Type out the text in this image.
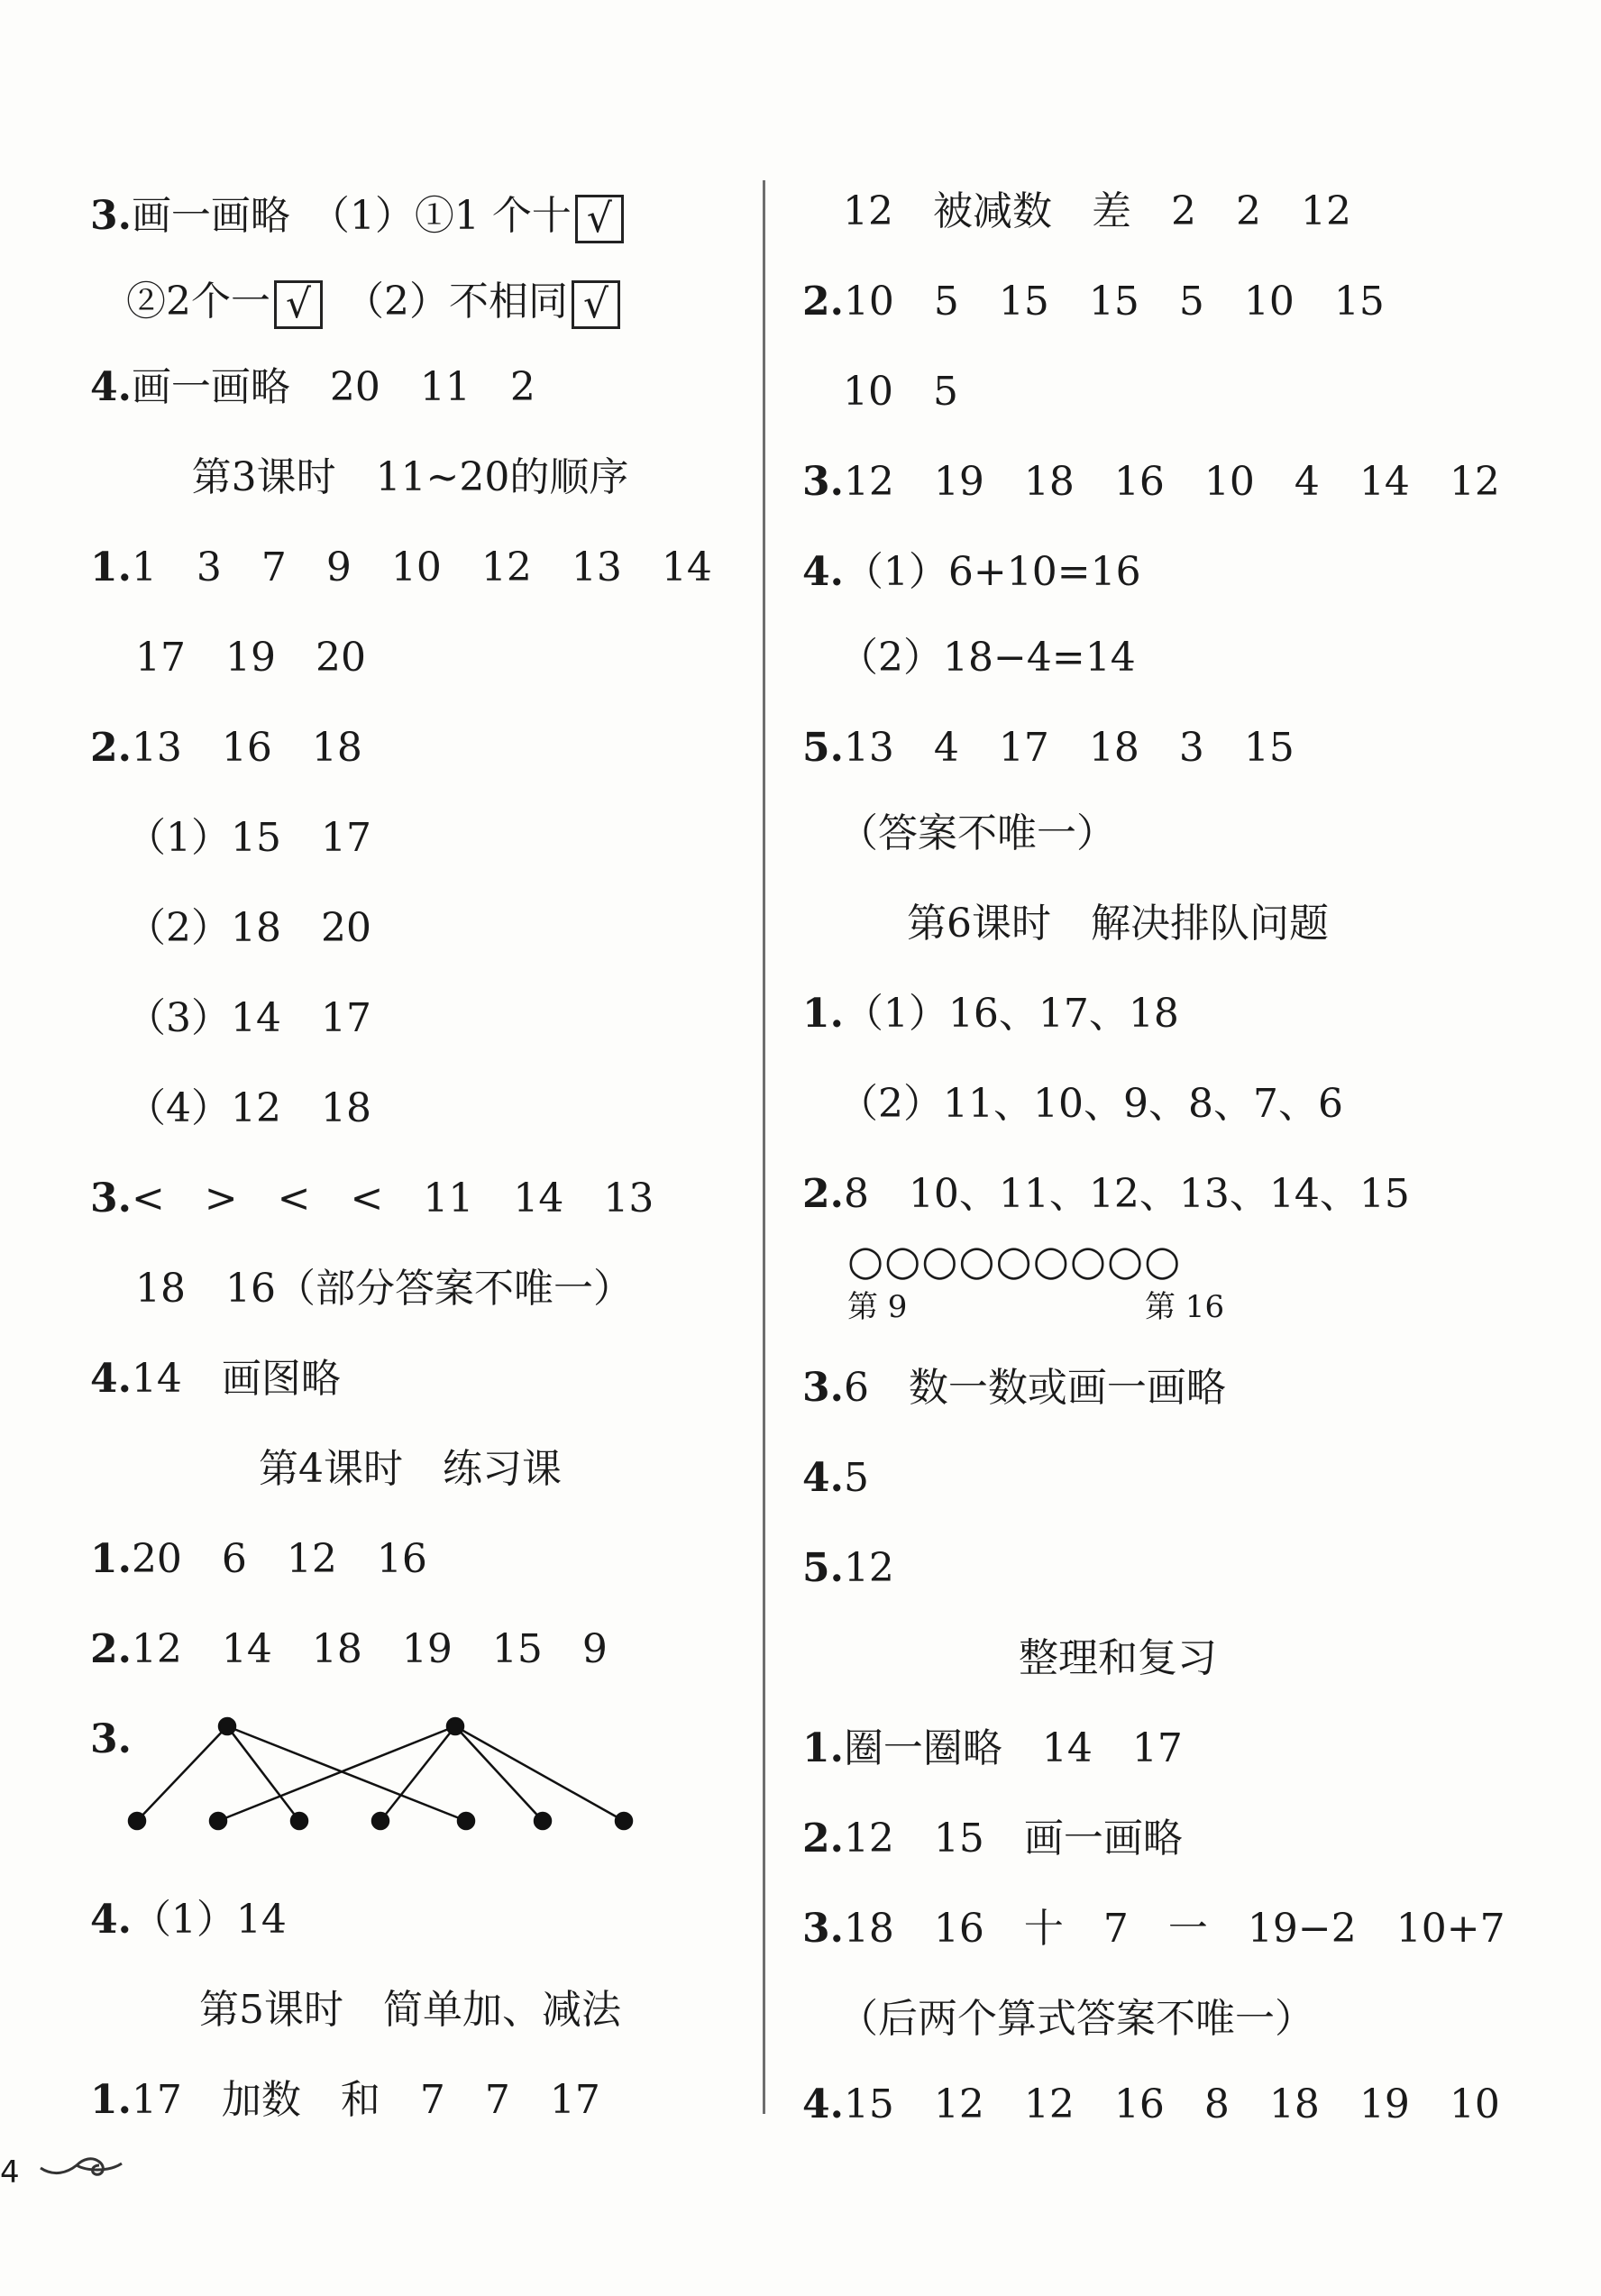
3.画一画略　（1）①1 个十 √
②2个一 √ （2）不相同 √
4.画一画略　20　11　2
第3课时　11~20的顺序
1.1　3　7　9　10　12　13　14
17　19　20
2.13　16　18
（1）15　17
（2）18　20
（3）14　17
（4）12　18
3.<　>　<　<　11　14　13
18　16（部分答案不唯一）
4.14　画图略
第4课时　练习课
1.20　6　12　16
2.12　14　18　19　15　9
3.
4.（1）14
第5课时　简单加、减法
1.17　加数　和　7　7　17
12　被减数　差　2　2　12
2.10　5　15　15　5　10　15
10　5
3.12　19　18　16　10　4　14　12
4.（1）6+10=16
（2）18−4=14
5.13　4　17　18　3　15
（答案不唯一）
第6课时　解决排队问题
1.（1）16、17、18
（2）11、10、9、8、7、6
2.8　10、11、12、13、14、15
3.6　数一数或画一画略
4.5
5.12
整理和复习
1.圈一圈略　14　17
2.12　15　画一画略
3.18　16　十　7　一　19−2　10+7
（后两个算式答案不唯一）
4.15　12　12　16　8　18　19　10
○○○○○○○○○
第 9	第 16
4
